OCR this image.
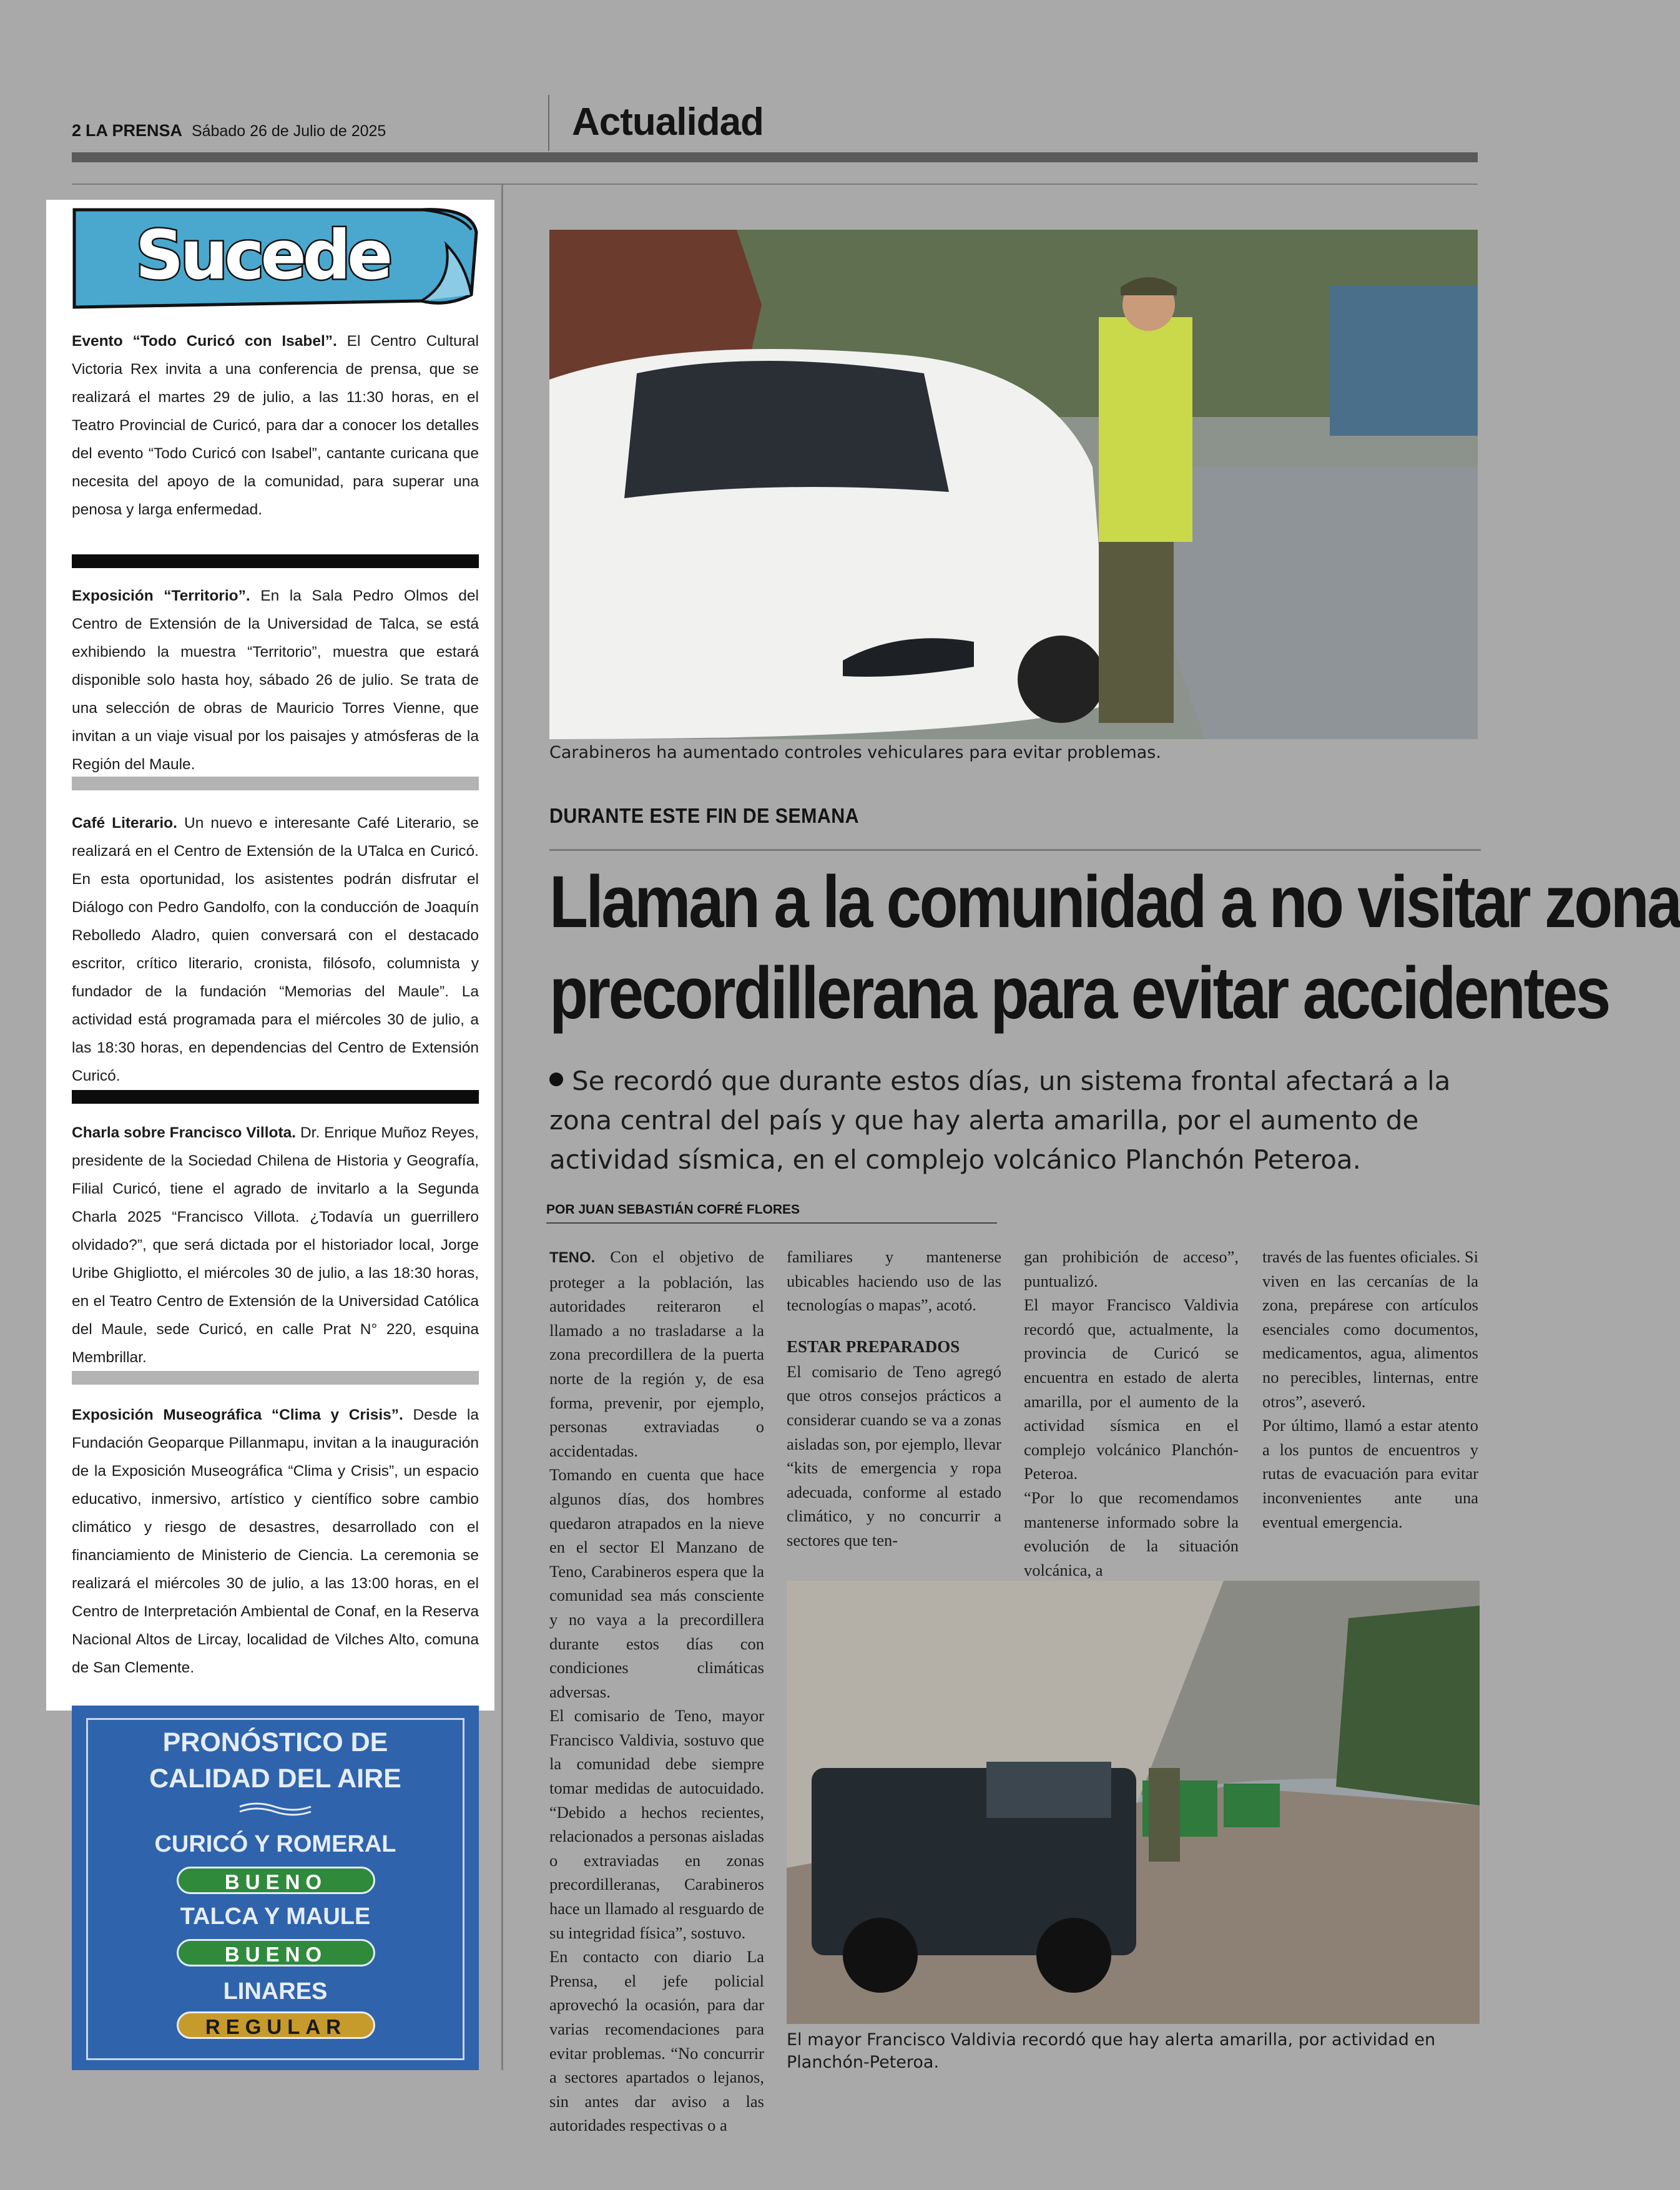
2 LA PRENSA Sábado 26 de Julio de 2025	Actualidad
Sucede
Evento “Todo Curicó con Isabel”. El Centro Cultural Victoria Rex invita a una conferencia de prensa, que se realizará el martes 29 de julio, a las 11:30 horas, en el Teatro Provincial de Curicó, para dar a conocer los detalles del evento “Todo Curicó con Isabel”, cantante curicana que necesita del apoyo de la comunidad, para superar una penosa y larga enfermedad.
Exposición “Territorio”. En la Sala Pedro Olmos del Centro de Extensión de la Universidad de Talca, se está exhibiendo la muestra “Territorio”, muestra que estará disponible solo hasta hoy, sábado 26 de julio. Se trata de una selección de obras de Mauricio Torres Vienne, que invitan a un viaje visual por los paisajes y atmósferas de la Región del Maule.
Café Literario. Un nuevo e interesante Café Literario, se realizará en el Centro de Extensión de la UTalca en Curicó. En esta oportunidad, los asistentes podrán disfrutar el Diálogo con Pedro Gandolfo, con la conducción de Joaquín Rebolledo Aladro, quien conversará con el destacado escritor, crítico literario, cronista, filósofo, columnista y fundador de la fundación “Memorias del Maule”. La actividad está programada para el miércoles 30 de julio, a las 18:30 horas, en dependencias del Centro de Extensión Curicó.
Charla sobre Francisco Villota. Dr. Enrique Muñoz Reyes, presidente de la Sociedad Chilena de Historia y Geografía, Filial Curicó, tiene el agrado de invitarlo a la Segunda Charla 2025 “Francisco Villota. ¿Todavía un guerrillero olvidado?”, que será dictada por el historiador local, Jorge Uribe Ghigliotto, el miércoles 30 de julio, a las 18:30 horas, en el Teatro Centro de Extensión de la Universidad Católica del Maule, sede Curicó, en calle Prat N° 220, esquina Membrillar.
Exposición Museográfica “Clima y Crisis”. Desde la Fundación Geoparque Pillanmapu, invitan a la inauguración de la Exposición Museográfica “Clima y Crisis”, un espacio educativo, inmersivo, artístico y científico sobre cambio climático y riesgo de desastres, desarrollado con el financiamiento de Ministerio de Ciencia. La ceremonia se realizará el miércoles 30 de julio, a las 13:00 horas, en el Centro de Interpretación Ambiental de Conaf, en la Reserva Nacional Altos de Lircay, localidad de Vilches Alto, comuna de San Clemente.
PRONÓSTICO DE
CALIDAD DEL AIRE
CURICÓ Y ROMERAL
BUENO
TALCA Y MAULE
BUENO
LINARES
REGULAR
Carabineros ha aumentado controles vehiculares para evitar problemas.
DURANTE ESTE FIN DE SEMANA
Llaman a la comunidad a no visitar zona
precordillerana para evitar accidentes
Se recordó que durante estos días, un sistema frontal afectará a la zona central del país y que hay alerta amarilla, por el aumento de actividad sísmica, en el complejo volcánico Planchón Peteroa.
POR JUAN SEBASTIÁN COFRÉ FLORES

TENO. Con el objetivo de proteger a la población, las autoridades reiteraron el llamado a no trasladarse a la zona precordillera de la puerta norte de la región y, de esa forma, prevenir, por ejemplo, personas extraviadas o accidentadas.

Tomando en cuenta que hace algunos días, dos hombres quedaron atrapados en la nieve en el sector El Manzano de Teno, Carabineros espera que la comunidad sea más consciente y no vaya a la precordillera durante estos días con condiciones climáticas adversas.

El comisario de Teno, mayor Francisco Valdivia, sostuvo que la comunidad debe siempre tomar medidas de autocuidado. “Debido a hechos recientes, relacionados a personas aisladas o extraviadas en zonas precordilleranas, Carabineros hace un llamado al resguardo de su integridad física”, sostuvo.

En contacto con diario La Prensa, el jefe policial aprovechó la ocasión, para dar varias recomendaciones para evitar problemas. “No concurrir a sectores apartados o lejanos, sin antes dar aviso a las autoridades respectivas o a

familiares y mantenerse ubicables haciendo uso de las tecnologías o mapas”, acotó.

ESTAR PREPARADOS

El comisario de Teno agregó que otros consejos prácticos a considerar cuando se va a zonas aisladas son, por ejemplo, llevar “kits de emergencia y ropa adecuada, conforme al estado climático, y no concurrir a sectores que ten-

gan prohibición de acceso”, puntualizó.

El mayor Francisco Valdivia recordó que, actualmente, la provincia de Curicó se encuentra en estado de alerta amarilla, por el aumento de la actividad sísmica en el complejo volcánico Planchón-Peteroa.

“Por lo que recomendamos mantenerse informado sobre la evolución de la situación volcánica, a

través de las fuentes oficiales. Si viven en las cercanías de la zona, prepárese con artículos esenciales como documentos, medicamentos, agua, alimentos no perecibles, linternas, entre otros”, aseveró.

Por último, llamó a estar atento a los puntos de encuentros y rutas de evacuación para evitar inconvenientes ante una eventual emergencia.

El mayor Francisco Valdivia recordó que hay alerta amarilla, por actividad en Planchón-Peteroa.
